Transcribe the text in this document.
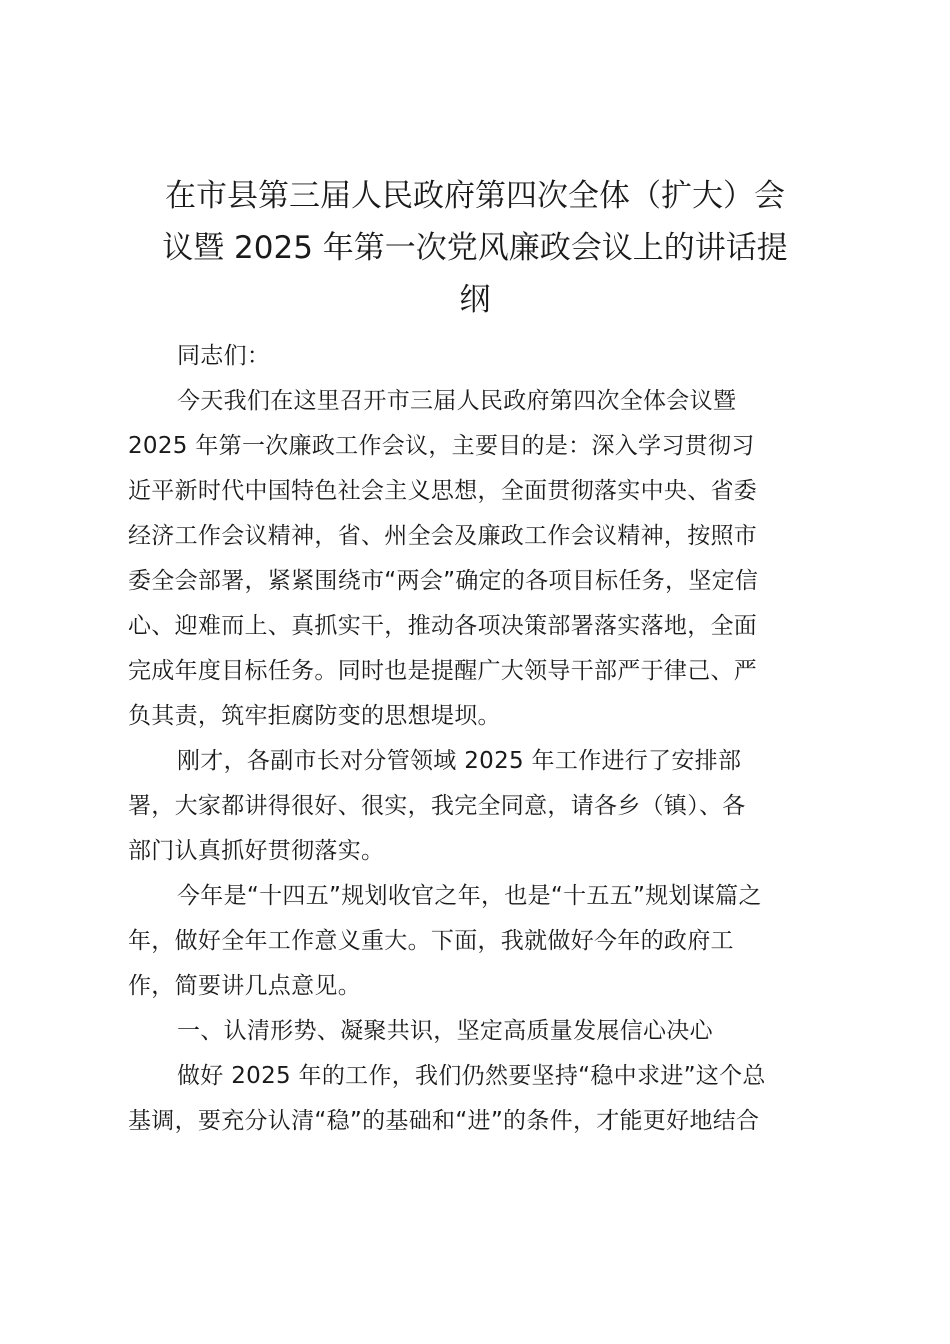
在市县第三届人民政府第四次全体（扩大）会
议暨 2025 年第一次党风廉政会议上的讲话提
纲
同志们：
今天我们在这里召开市三届人民政府第四次全体会议暨
2025 年第一次廉政工作会议，主要目的是：深入学习贯彻习
近平新时代中国特色社会主义思想，全面贯彻落实中央、省委
经济工作会议精神，省、州全会及廉政工作会议精神，按照市
委全会部署，紧紧围绕市“两会”确定的各项目标任务，坚定信
心、迎难而上、真抓实干，推动各项决策部署落实落地，全面
完成年度目标任务。同时也是提醒广大领导干部严于律己、严
负其责，筑牢拒腐防变的思想堤坝。
刚才，各副市长对分管领域 2025 年工作进行了安排部
署，大家都讲得很好、很实，我完全同意，请各乡（镇）、各
部门认真抓好贯彻落实。
今年是“十四五”规划收官之年，也是“十五五”规划谋篇之
年，做好全年工作意义重大。下面，我就做好今年的政府工
作，简要讲几点意见。
一、认清形势、凝聚共识，坚定高质量发展信心决心
做好 2025 年的工作，我们仍然要坚持“稳中求进”这个总
基调，要充分认清“稳”的基础和“进”的条件，才能更好地结合
